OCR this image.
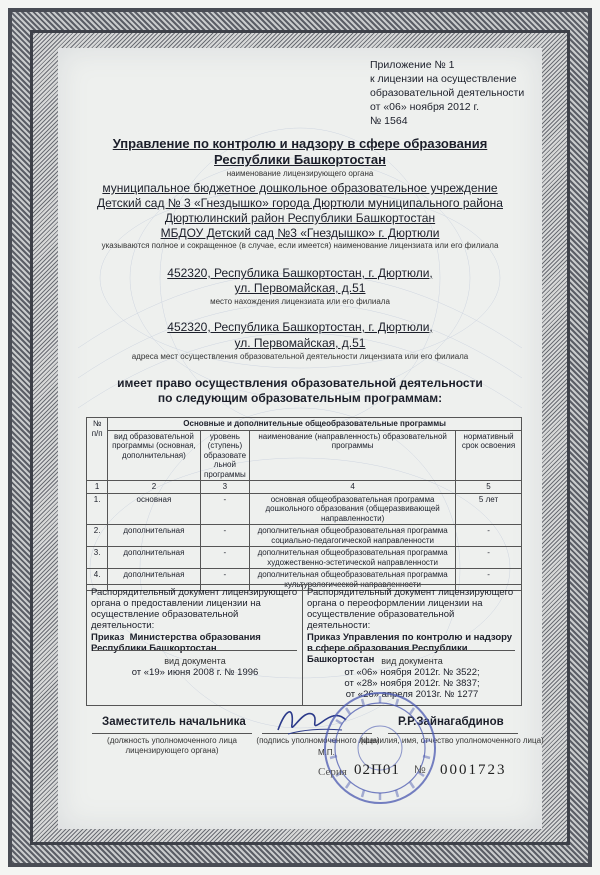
Приложение № 1
к лицензии на осуществление
образовательной деятельности
от «06» ноября 2012 г.
№ 1564
Управление по контролю и надзору в сфере образования
Республики Башкортостан
наименование лицензирующего органа
муниципальное бюджетное дошкольное образовательное учреждение
Детский сад № 3 «Гнездышко» города Дюртюли муниципального района
Дюртюлинский район Республики Башкортостан
МБДОУ Детский сад №3 «Гнездышко» г. Дюртюли
указываются полное и сокращенное (в случае, если имеется) наименование лицензиата или его филиала
452320, Республика Башкортостан, г. Дюртюли,
ул. Первомайская, д.51
место нахождения лицензиата или его филиала
452320, Республика Башкортостан, г. Дюртюли,
ул. Первомайская, д.51
адреса мест осуществления образовательной деятельности лицензиата или его филиала
имеет право осуществления образовательной деятельности
по следующим образовательным программам:
№ п/п	Основные и дополнительные общеобразовательные программы			
	вид образовательной программы (основная, дополнительная)	уровень (ступень) образовате льной программы	наименование (направленность) образовательной программы	нормативный срок освоения
1	2	3	4	5
1.	основная	-	основная общеобразовательная программа дошкольного образования (общеразвивающей направленности)	5 лет
2.	дополнительная	-	дополнительная общеобразовательная программа социально-педагогической направленности	-
3.	дополнительная	-	дополнительная общеобразовательная программа художественно-эстетической направленности	-
4.	дополнительная	-	дополнительная общеобразовательная программа культурологической направленности	-
Распорядительный документ лицензирующего органа о предоставлении лицензии на осуществление образовательной деятельности:
Приказ Министерства образования Республики Башкортостан
вид документа
от «19» июня 2008 г. № 1996
Распорядительный документ лицензирующего органа о переоформлении лицензии на осуществление образовательной деятельности:
Приказ Управления по контролю и надзору в сфере образования Республики Башкортостан вид документа
от «06» ноября 2012г. № 3522;
от «28» ноября 2012г. № 3837;
от «26» апреля 2013г. № 1277
Заместитель начальника
(должность уполномоченного лица
лицензирующего органа)
(подпись уполномоченного лица)
М.П.
Р.Р.Зайнагабдинов
(фамилия, имя, отчество уполномоченного лица)
Серия 02П01 № 0001723
